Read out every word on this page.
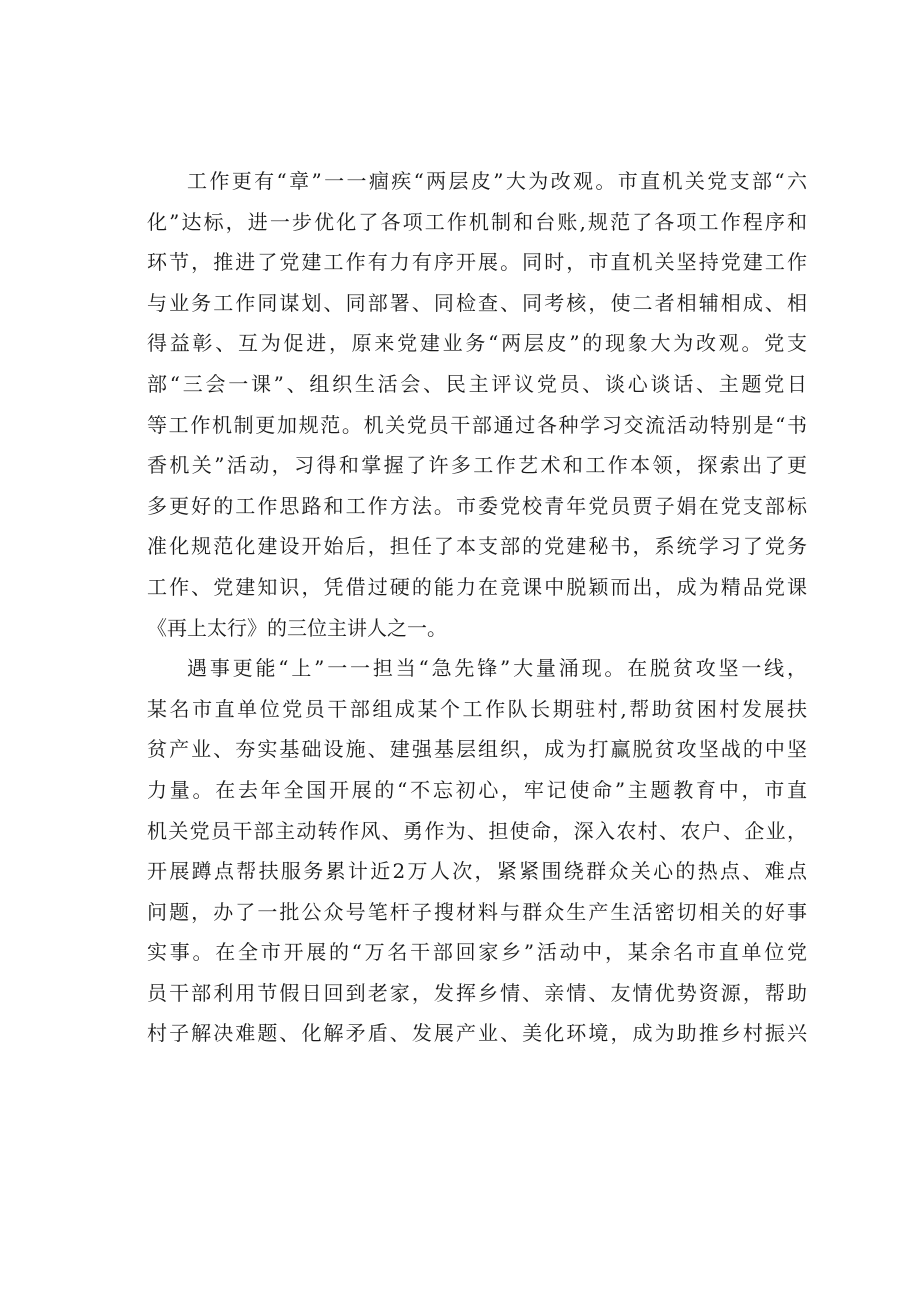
工作更有“章”一一痼疾“两层皮”大为改观。市直机关党支部“六
化”达标，进一步优化了各项工作机制和台账,规范了各项工作程序和
环节，推进了党建工作有力有序开展。同时，市直机关坚持党建工作
与业务工作同谋划、同部署、同检查、同考核，使二者相辅相成、相
得益彰、互为促进，原来党建业务“两层皮”的现象大为改观。党支
部“三会一课”、组织生活会、民主评议党员、谈心谈话、主题党日
等工作机制更加规范。机关党员干部通过各种学习交流活动特别是“书
香机关”活动，习得和掌握了许多工作艺术和工作本领，探索出了更
多更好的工作思路和工作方法。市委党校青年党员贾子娟在党支部标
准化规范化建设开始后，担任了本支部的党建秘书，系统学习了党务
工作、党建知识，凭借过硬的能力在竞课中脱颖而出，成为精品党课
《再上太行》的三位主讲人之一。
遇事更能“上”一一担当“急先锋”大量涌现。在脱贫攻坚一线，
某名市直单位党员干部组成某个工作队长期驻村,帮助贫困村发展扶
贫产业、夯实基础设施、建强基层组织，成为打赢脱贫攻坚战的中坚
力量。在去年全国开展的“不忘初心，牢记使命”主题教育中，市直
机关党员干部主动转作风、勇作为、担使命，深入农村、农户、企业，
开展蹲点帮扶服务累计近2万人次，紧紧围绕群众关心的热点、难点
问题，办了一批公众号笔杆子搜材料与群众生产生活密切相关的好事
实事。在全市开展的“万名干部回家乡”活动中，某余名市直单位党
员干部利用节假日回到老家，发挥乡情、亲情、友情优势资源，帮助
村子解决难题、化解矛盾、发展产业、美化环境，成为助推乡村振兴
